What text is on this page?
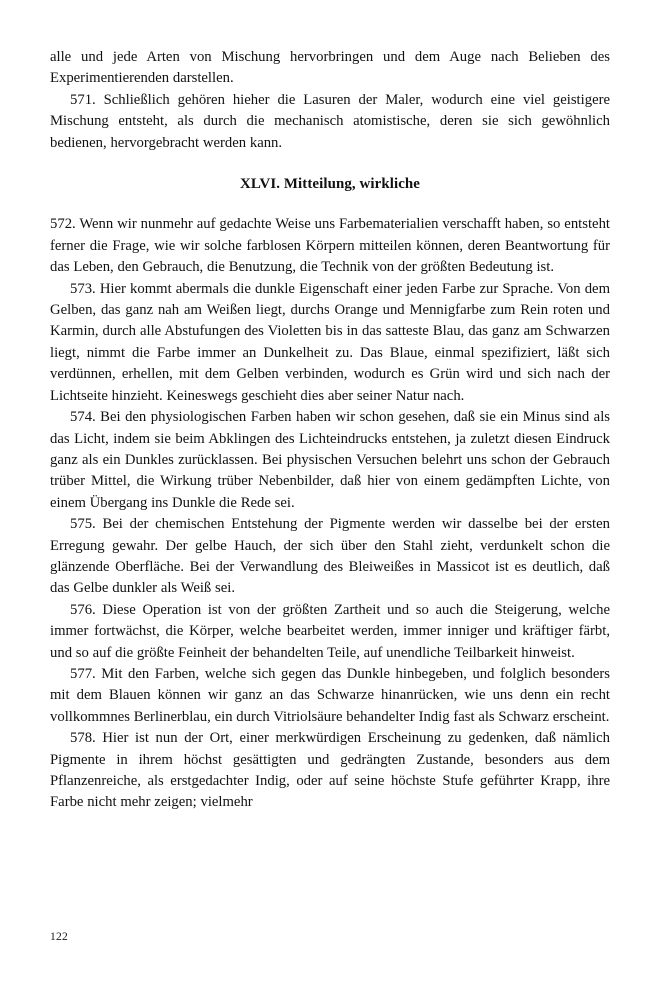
alle und jede Arten von Mischung hervorbringen und dem Auge nach Belieben des Experimentierenden darstellen.

571. Schließlich gehören hieher die Lasuren der Maler, wodurch eine viel geistigere Mischung entsteht, als durch die mechanisch atomistische, deren sie sich gewöhnlich bedienen, hervorgebracht werden kann.

XLVI. Mitteilung, wirkliche

572. Wenn wir nunmehr auf gedachte Weise uns Farbematerialien verschafft haben, so entsteht ferner die Frage, wie wir solche farblosen Körpern mitteilen können, deren Beantwortung für das Leben, den Gebrauch, die Benutzung, die Technik von der größten Bedeutung ist.

573. Hier kommt abermals die dunkle Eigenschaft einer jeden Farbe zur Sprache. Von dem Gelben, das ganz nah am Weißen liegt, durchs Orange und Mennigfarbe zum Rein roten und Karmin, durch alle Abstufungen des Violetten bis in das satteste Blau, das ganz am Schwarzen liegt, nimmt die Farbe immer an Dunkelheit zu. Das Blaue, einmal spezifiziert, läßt sich verdünnen, erhellen, mit dem Gelben verbinden, wodurch es Grün wird und sich nach der Lichtseite hinzieht. Keineswegs geschieht dies aber seiner Natur nach.

574. Bei den physiologischen Farben haben wir schon gesehen, daß sie ein Minus sind als das Licht, indem sie beim Abklingen des Lichteindrucks entstehen, ja zuletzt diesen Eindruck ganz als ein Dunkles zurücklassen. Bei physischen Versuchen belehrt uns schon der Gebrauch trüber Mittel, die Wirkung trüber Nebenbilder, daß hier von einem gedämpften Lichte, von einem Übergang ins Dunkle die Rede sei.

575. Bei der chemischen Entstehung der Pigmente werden wir dasselbe bei der ersten Erregung gewahr. Der gelbe Hauch, der sich über den Stahl zieht, verdunkelt schon die glänzende Oberfläche. Bei der Verwandlung des Bleiweißes in Massicot ist es deutlich, daß das Gelbe dunkler als Weiß sei.

576. Diese Operation ist von der größten Zartheit und so auch die Steigerung, welche immer fortwächst, die Körper, welche bearbeitet werden, immer inniger und kräftiger färbt, und so auf die größte Feinheit der behandelten Teile, auf unendliche Teilbarkeit hinweist.

577. Mit den Farben, welche sich gegen das Dunkle hinbegeben, und folglich besonders mit dem Blauen können wir ganz an das Schwarze hinanrücken, wie uns denn ein recht vollkommnes Berlinerblau, ein durch Vitriolsäure behandelter Indig fast als Schwarz erscheint.

578. Hier ist nun der Ort, einer merkwürdigen Erscheinung zu gedenken, daß nämlich Pigmente in ihrem höchst gesättigten und gedrängten Zustande, besonders aus dem Pflanzenreiche, als erstgedachter Indig, oder auf seine höchste Stufe geführter Krapp, ihre Farbe nicht mehr zeigen; vielmehr

122
